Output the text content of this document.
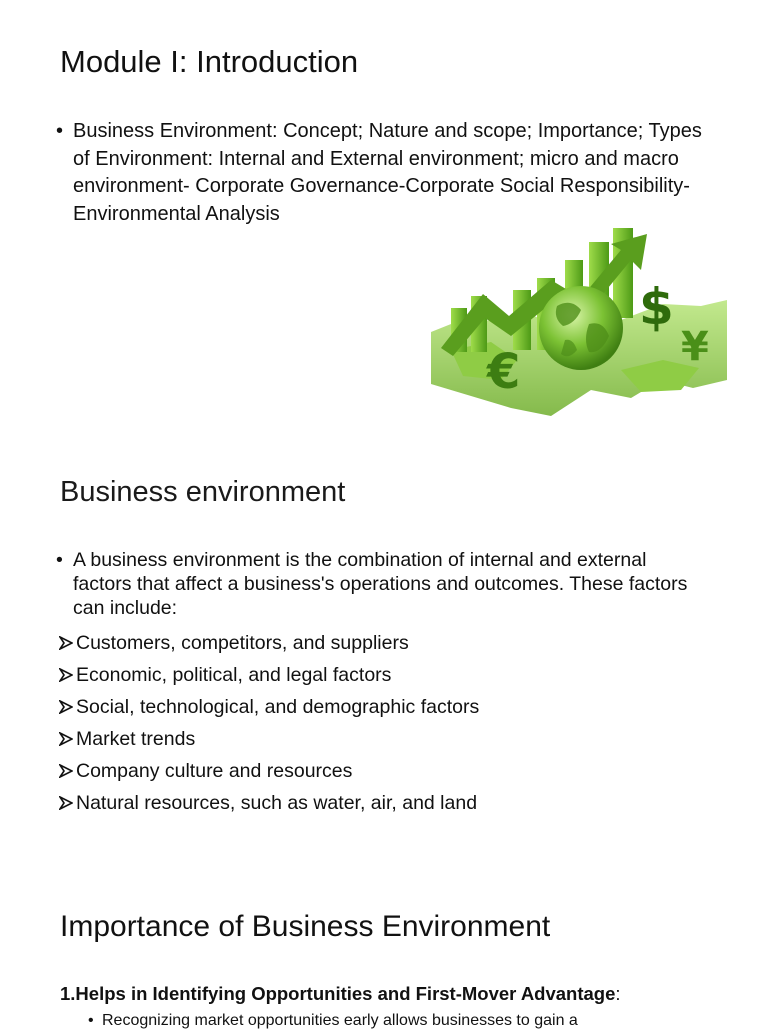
Module I: Introduction
• Business Environment: Concept; Nature and scope; Importance; Types of Environment: Internal and External environment; micro and macro environment- Corporate Governance-Corporate Social Responsibility- Environmental Analysis
$
€	¥
Business environment
• A business environment is the combination of internal and external factors that affect a business's operations and outcomes. These factors can include:
Customers, competitors, and suppliers
Economic, political, and legal factors
Social, technological, and demographic factors
Market trends
Company culture and resources
Natural resources, such as water, air, and land
Importance of Business Environment
1.Helps in Identifying Opportunities and First-Mover Advantage:
• Recognizing market opportunities early allows businesses to gain a
